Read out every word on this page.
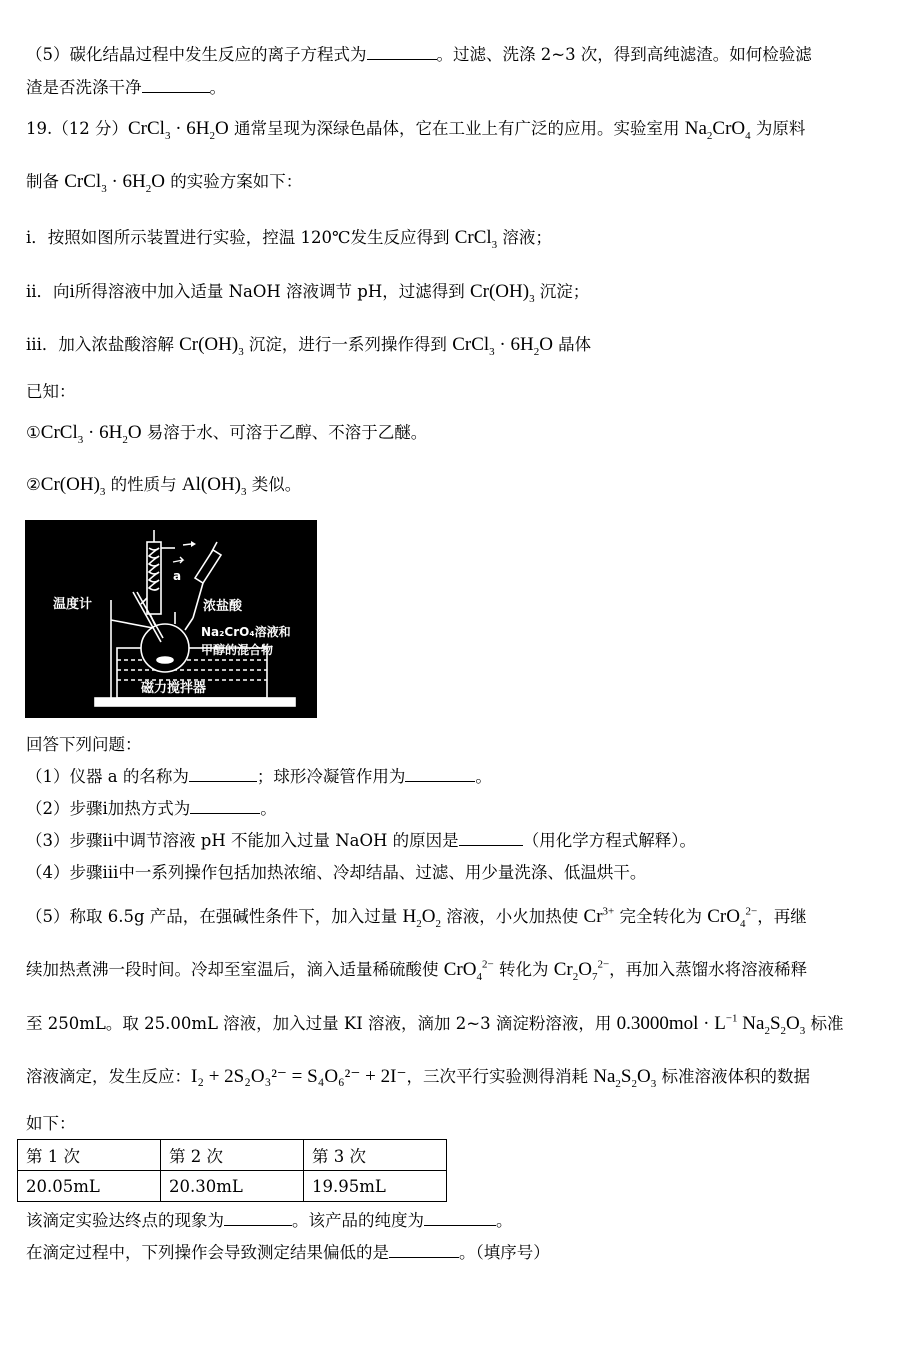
（5）碳化结晶过程中发生反应的离子方程式为	。过滤、洗涤 2~3 次，得到高纯滤渣。如何检验滤
渣是否洗涤干净	。
19.（12 分）CrCl$_3$ · $6H_2O$ 通常呈现为深绿色晶体，它在工业上有广泛的应用。实验室用 $Na_2CrO_4$ 为原料
制备 CrCl$_3$ · $6H_2O$ 的实验方案如下：
ⅰ．按照如图所示装置进行实验，控温 120℃发生反应得到 CrCl$_3$ 溶液；
ⅱ．向ⅰ所得溶液中加入适量 NaOH 溶液调节 pH，过滤得到 $Cr(OH)_3$ 沉淀；
ⅲ．加入浓盐酸溶解 $Cr(OH)_3$ 沉淀，进行一系列操作得到 CrCl$_3$ · $6H_2O$ 晶体
已知：
①CrCl$_3$ · $6H_2O$ 易溶于水、可溶于乙醇、不溶于乙醚。
$②Cr(OH)_3$ 的性质与 $Al(OH)_3$ 类似。
温度计
a
浓盐酸
Na₂CrO₄溶液和
甲醇的混合物
磁力搅拌器
回答下列问题：
（1）仪器 a 的名称为	；球形冷凝管作用为	。
（2）步骤ⅰ加热方式为	。
（3）步骤ⅱ中调节溶液 pH 不能加入过量 NaOH 的原因是	（用化学方程式解释）。
（4）步骤ⅲ中一系列操作包括加热浓缩、冷却结晶、过滤、用少量洗涤、低温烘干。
（5）称取 6.5g 产品，在强碱性条件下，加入过量 $H_2O_2$ 溶液，小火加热使 $Cr^{3+}$ 完全转化为 CrO$_4^{2-}$，再继
续加热煮沸一段时间。冷却至室温后，滴入适量稀硫酸使 CrO$_4^{2-}$ 转化为 $Cr_2O_7^{2-}$，再加入蒸馏水将溶液稀释
至 250mL。取 25.00mL 溶液，加入过量 KI 溶液，滴加 2~3 滴淀粉溶液，用 $0.3000mol \cdot L^{-1}$ $Na_2S_2O_3$ 标准
溶液滴定，发生反应：I₂ + 2S₂O₃²⁻ = S₄O₆²⁻ + 2I⁻，三次平行实验测得消耗 $Na_2S_2O_3$ 标准溶液体积的数据
如下：
第 1 次	第 2 次	第 3 次
20.05mL	20.30mL	19.95mL
该滴定实验达终点的现象为	。该产品的纯度为	。
在滴定过程中，下列操作会导致测定结果偏低的是	。（填序号）
